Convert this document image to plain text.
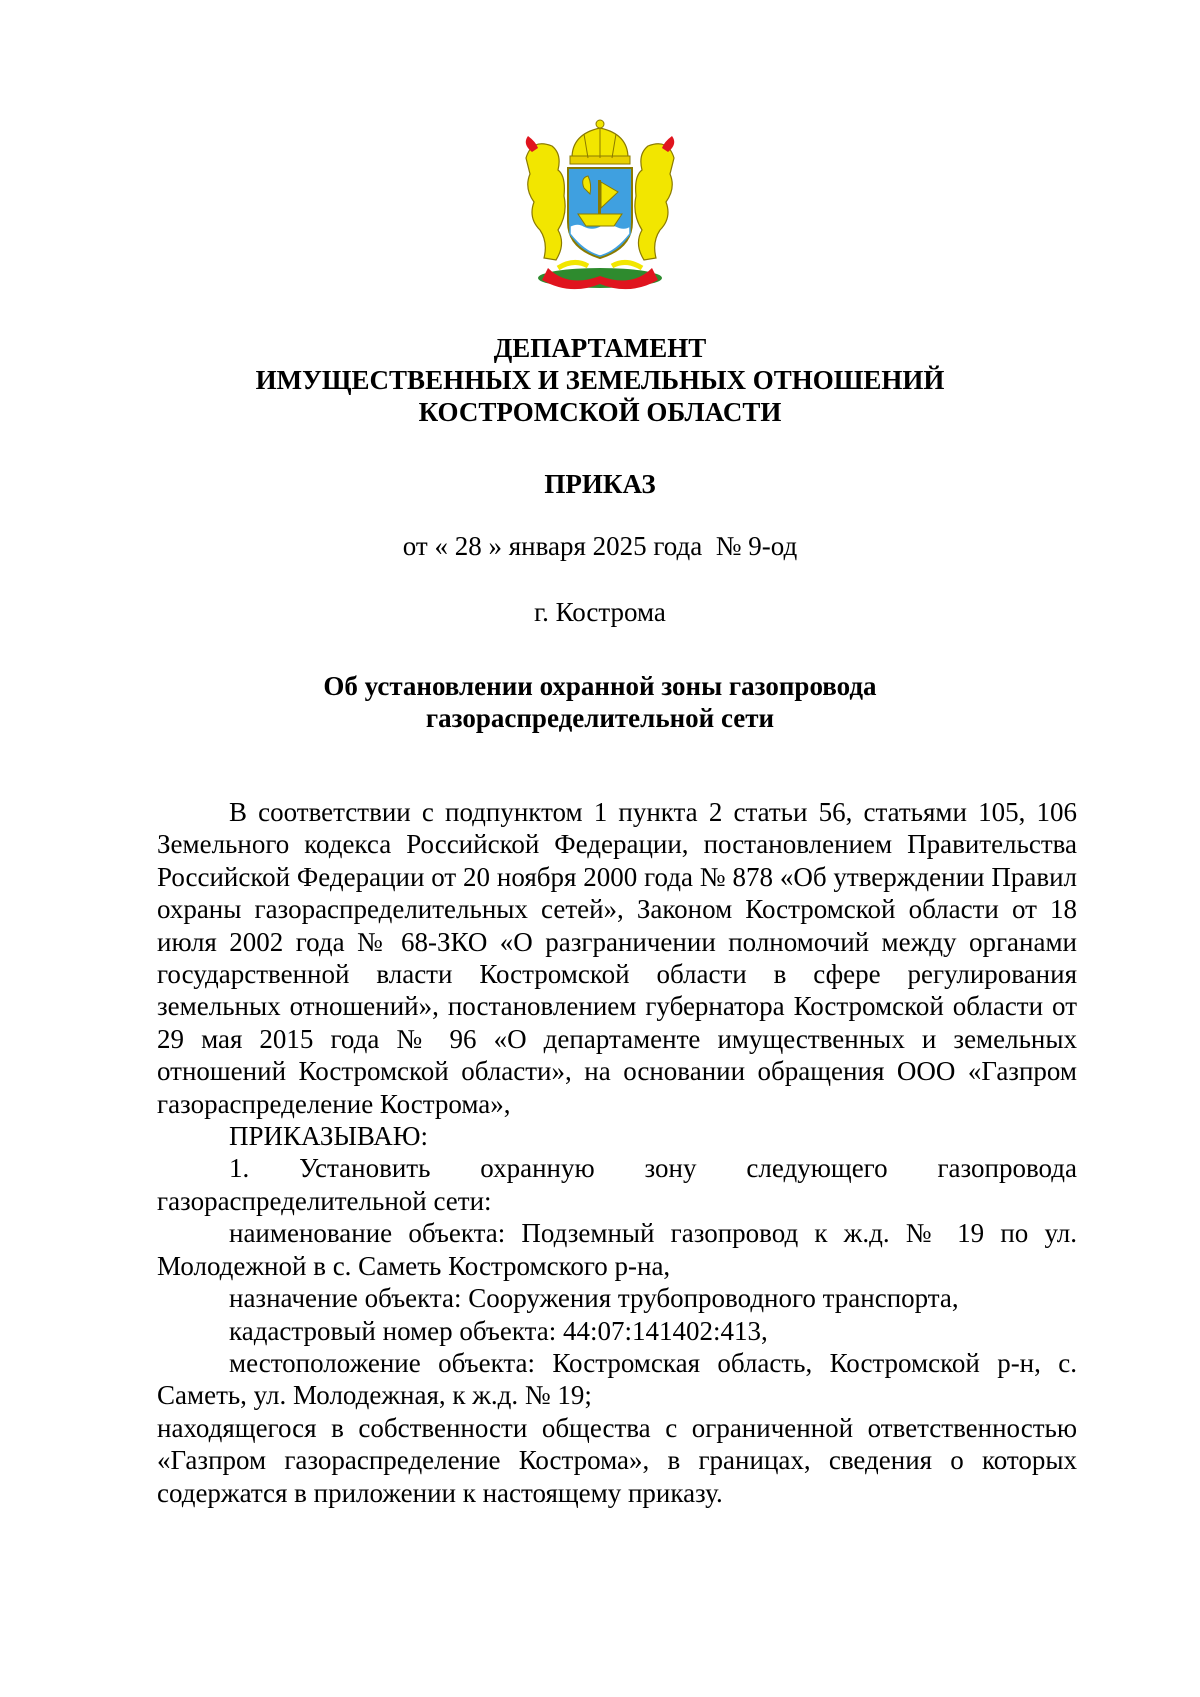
ДЕПАРТАМЕНТ
ИМУЩЕСТВЕННЫХ И ЗЕМЕЛЬНЫХ ОТНОШЕНИЙ
КОСТРОМСКОЙ ОБЛАСТИ
ПРИКАЗ
от « 28 » января 2025 года  № 9-од
г. Кострома
Об установлении охранной зоны газопровода
газораспределительной сети

В соответствии с подпунктом 1 пункта 2 статьи 56, статьями 105, 106 Земельного кодекса Российской Федерации, постановлением Правительства Российской Федерации от 20 ноября 2000 года № 878 «Об утверждении Правил охраны газораспределительных сетей», Законом Костромской области от 18 июля 2002 года № 68-ЗКО «О разграничении полномочий между органами государственной власти Костромской области в сфере регулирования земельных отношений», постановлением губернатора Костромской области от 29 мая 2015 года № 96 «О департаменте имущественных и земельных отношений Костромской области», на основании обращения ООО «Газпром газораспределение Кострома»,

ПРИКАЗЫВАЮ:

1. Установить охранную зону следующего газопровода газораспределительной сети:

наименование объекта: Подземный газопровод к ж.д. № 19 по ул. Молодежной в с. Саметь Костромского р-на,

назначение объекта: Сооружения трубопроводного транспорта,

кадастровый номер объекта: 44:07:141402:413,

местоположение объекта: Костромская область, Костромской р-н, с. Саметь, ул. Молодежная, к ж.д. № 19;

находящегося в собственности общества с ограниченной ответственностью «Газпром газораспределение Кострома», в границах, сведения о которых содержатся в приложении к настоящему приказу.
